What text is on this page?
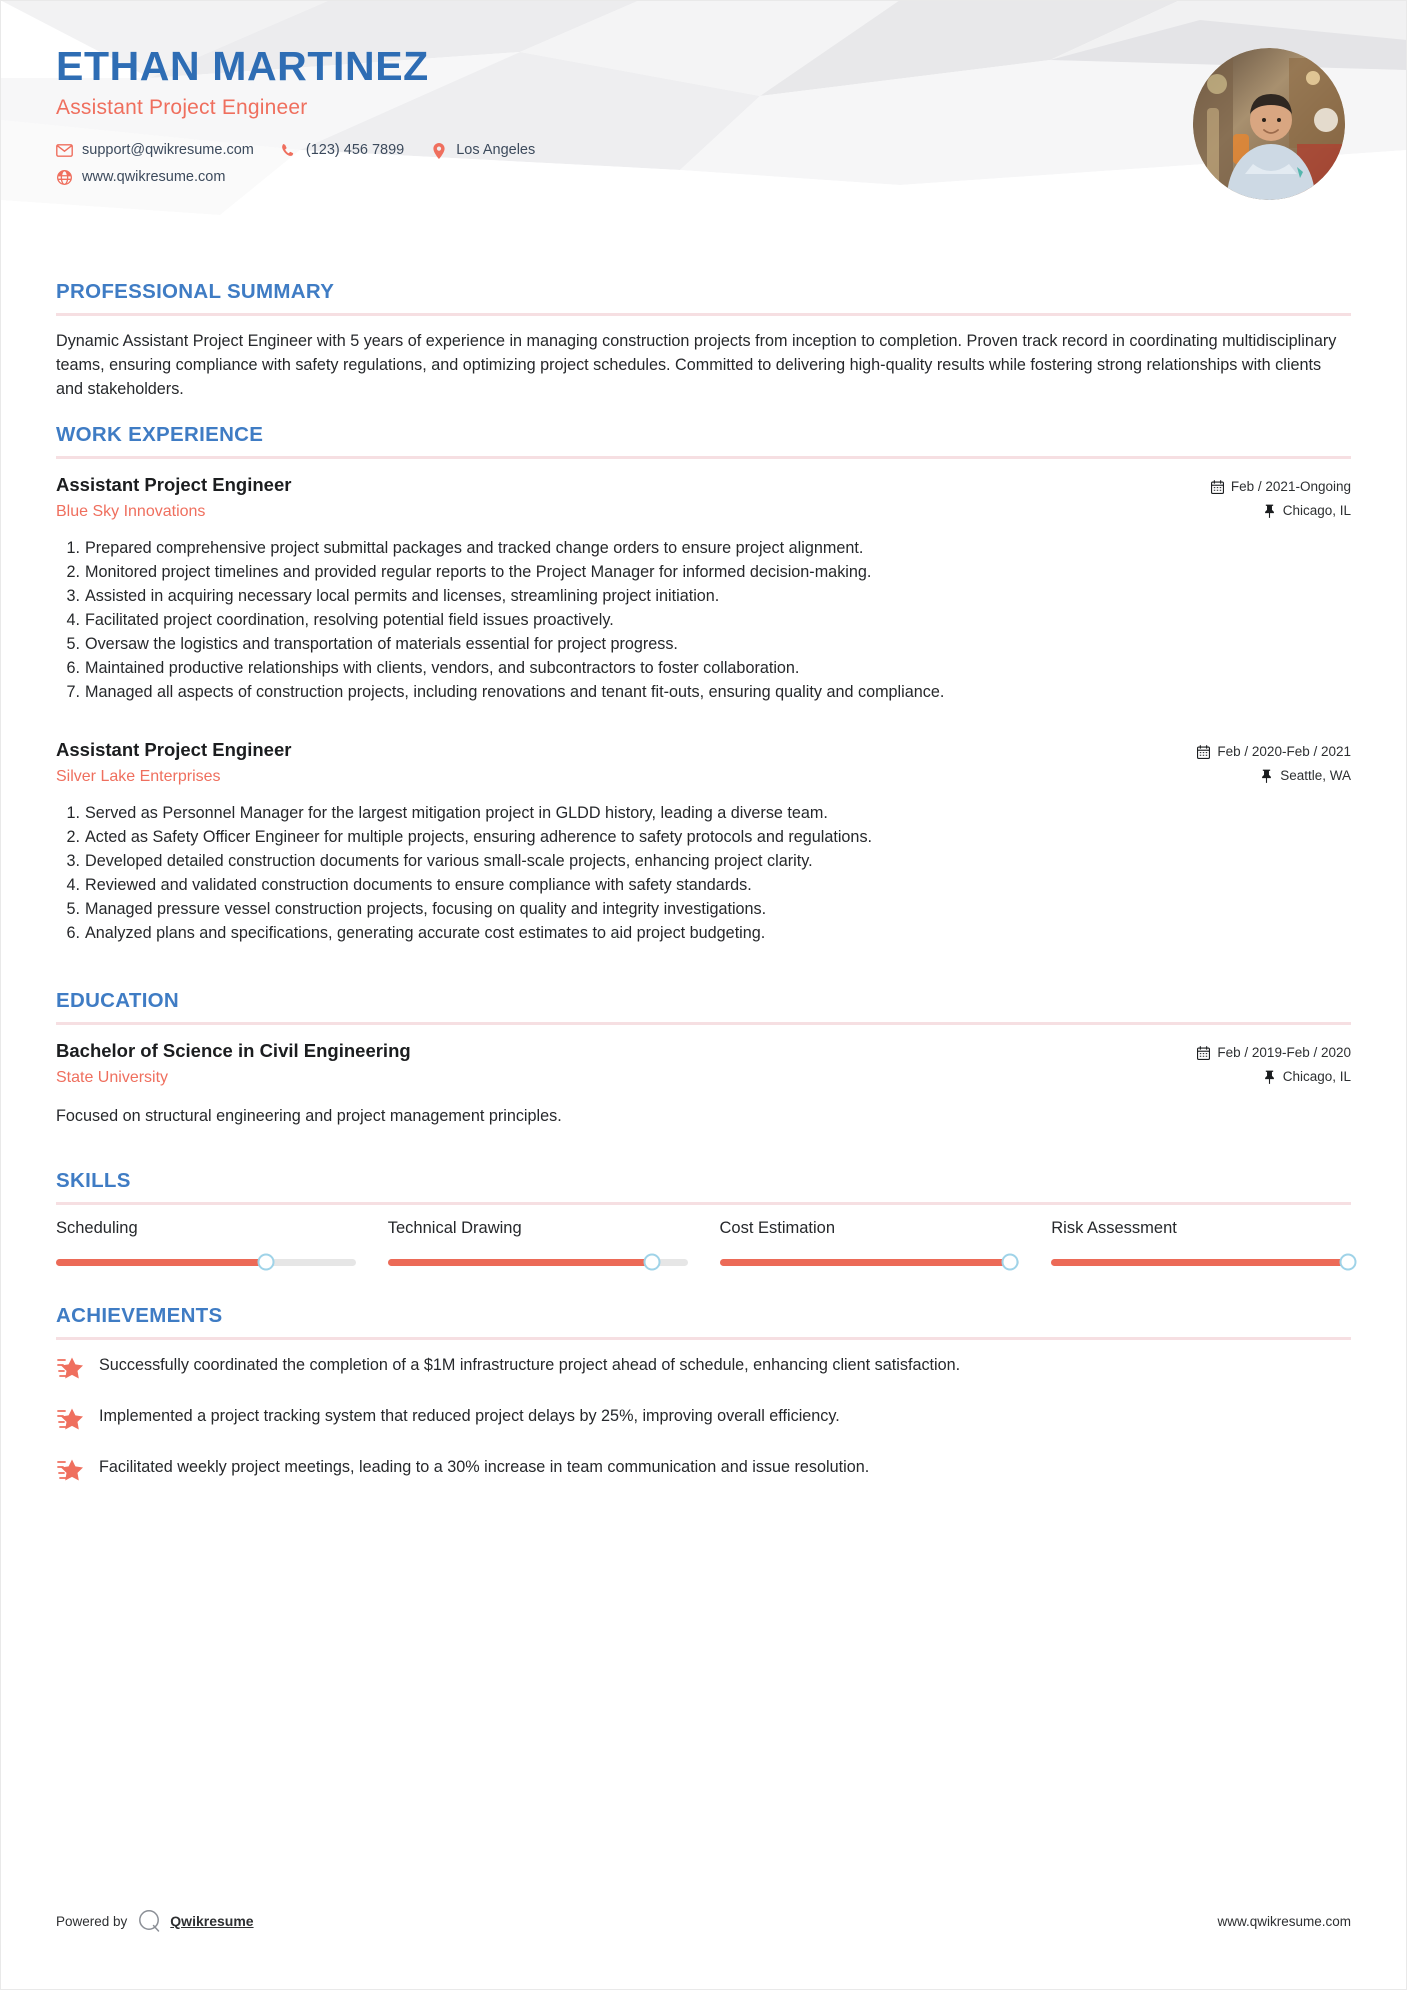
ETHAN MARTINEZ
Assistant Project Engineer
support@qwikresume.com	(123) 456 7899	Los Angeles
www.qwikresume.com
PROFESSIONAL SUMMARY

Dynamic Assistant Project Engineer with 5 years of experience in managing construction projects from inception to completion. Proven track record in coordinating multidisciplinary teams, ensuring compliance with safety regulations, and optimizing project schedules. Committed to delivering high-quality results while fostering strong relationships with clients and stakeholders.

WORK EXPERIENCE
Assistant Project Engineer
Blue Sky Innovations
Feb / 2021-Ongoing
Chicago, IL
Prepared comprehensive project submittal packages and tracked change orders to ensure project alignment.
Monitored project timelines and provided regular reports to the Project Manager for informed decision-making.
Assisted in acquiring necessary local permits and licenses, streamlining project initiation.
Facilitated project coordination, resolving potential field issues proactively.
Oversaw the logistics and transportation of materials essential for project progress.
Maintained productive relationships with clients, vendors, and subcontractors to foster collaboration.
Managed all aspects of construction projects, including renovations and tenant fit-outs, ensuring quality and compliance.
Assistant Project Engineer
Silver Lake Enterprises
Feb / 2020-Feb / 2021
Seattle, WA
Served as Personnel Manager for the largest mitigation project in GLDD history, leading a diverse team.
Acted as Safety Officer Engineer for multiple projects, ensuring adherence to safety protocols and regulations.
Developed detailed construction documents for various small-scale projects, enhancing project clarity.
Reviewed and validated construction documents to ensure compliance with safety standards.
Managed pressure vessel construction projects, focusing on quality and integrity investigations.
Analyzed plans and specifications, generating accurate cost estimates to aid project budgeting.
EDUCATION
Bachelor of Science in Civil Engineering
State University
Feb / 2019-Feb / 2020
Chicago, IL
Focused on structural engineering and project management principles.
SKILLS
Scheduling	Technical Drawing	Cost Estimation	Risk Assessment
ACHIEVEMENTS
Successfully coordinated the completion of a $1M infrastructure project ahead of schedule, enhancing client satisfaction.
Implemented a project tracking system that reduced project delays by 25%, improving overall efficiency.
Facilitated weekly project meetings, leading to a 30% increase in team communication and issue resolution.
Powered by	Qwikresume	www.qwikresume.com
